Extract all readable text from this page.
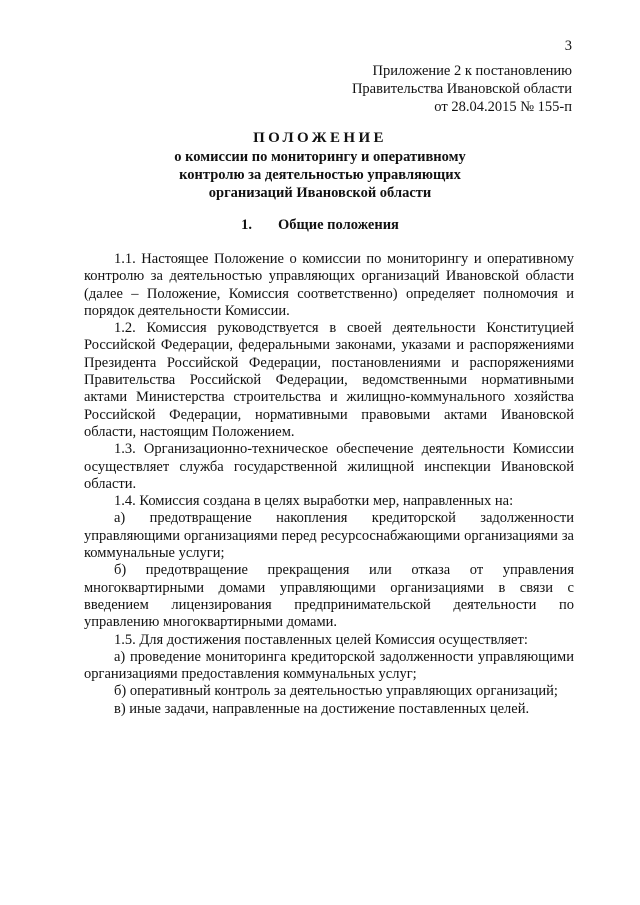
3
Приложение 2 к постановлению
Правительства Ивановской области
от 28.04.2015 № 155-п
ПОЛОЖЕНИЕ
о комиссии по мониторингу и оперативному
контролю за деятельностью управляющих
организаций Ивановской области
1. Общие положения

1.1. Настоящее Положение о комиссии по мониторингу и оперативному контролю за деятельностью управляющих организаций Ивановской области (далее – Положение, Комиссия соответственно) определяет полномочия и порядок деятельности Комиссии.

1.2. Комиссия руководствуется в своей деятельности Конституцией Российской Федерации, федеральными законами, указами и распоряжениями Президента Российской Федерации, постановлениями и распоряжениями Правительства Российской Федерации, ведомственными нормативными актами Министерства строительства и жилищно-коммунального хозяйства Российской Федерации, нормативными правовыми актами Ивановской области, настоящим Положением.

1.3. Организационно-техническое обеспечение деятельности Комиссии осуществляет служба государственной жилищной инспекции Ивановской области.

1.4. Комиссия создана в целях выработки мер, направленных на:

а) предотвращение накопления кредиторской задолженности управляющими организациями перед ресурсоснабжающими организациями за коммунальные услуги;

б) предотвращение прекращения или отказа от управления многоквартирными домами управляющими организациями в связи с введением лицензирования предпринимательской деятельности по управлению многоквартирными домами.

1.5. Для достижения поставленных целей Комиссия осуществляет:

а) проведение мониторинга кредиторской задолженности управляющими организациями предоставления коммунальных услуг;

б) оперативный контроль за деятельностью управляющих организаций;

в) иные задачи, направленные на достижение поставленных целей.
